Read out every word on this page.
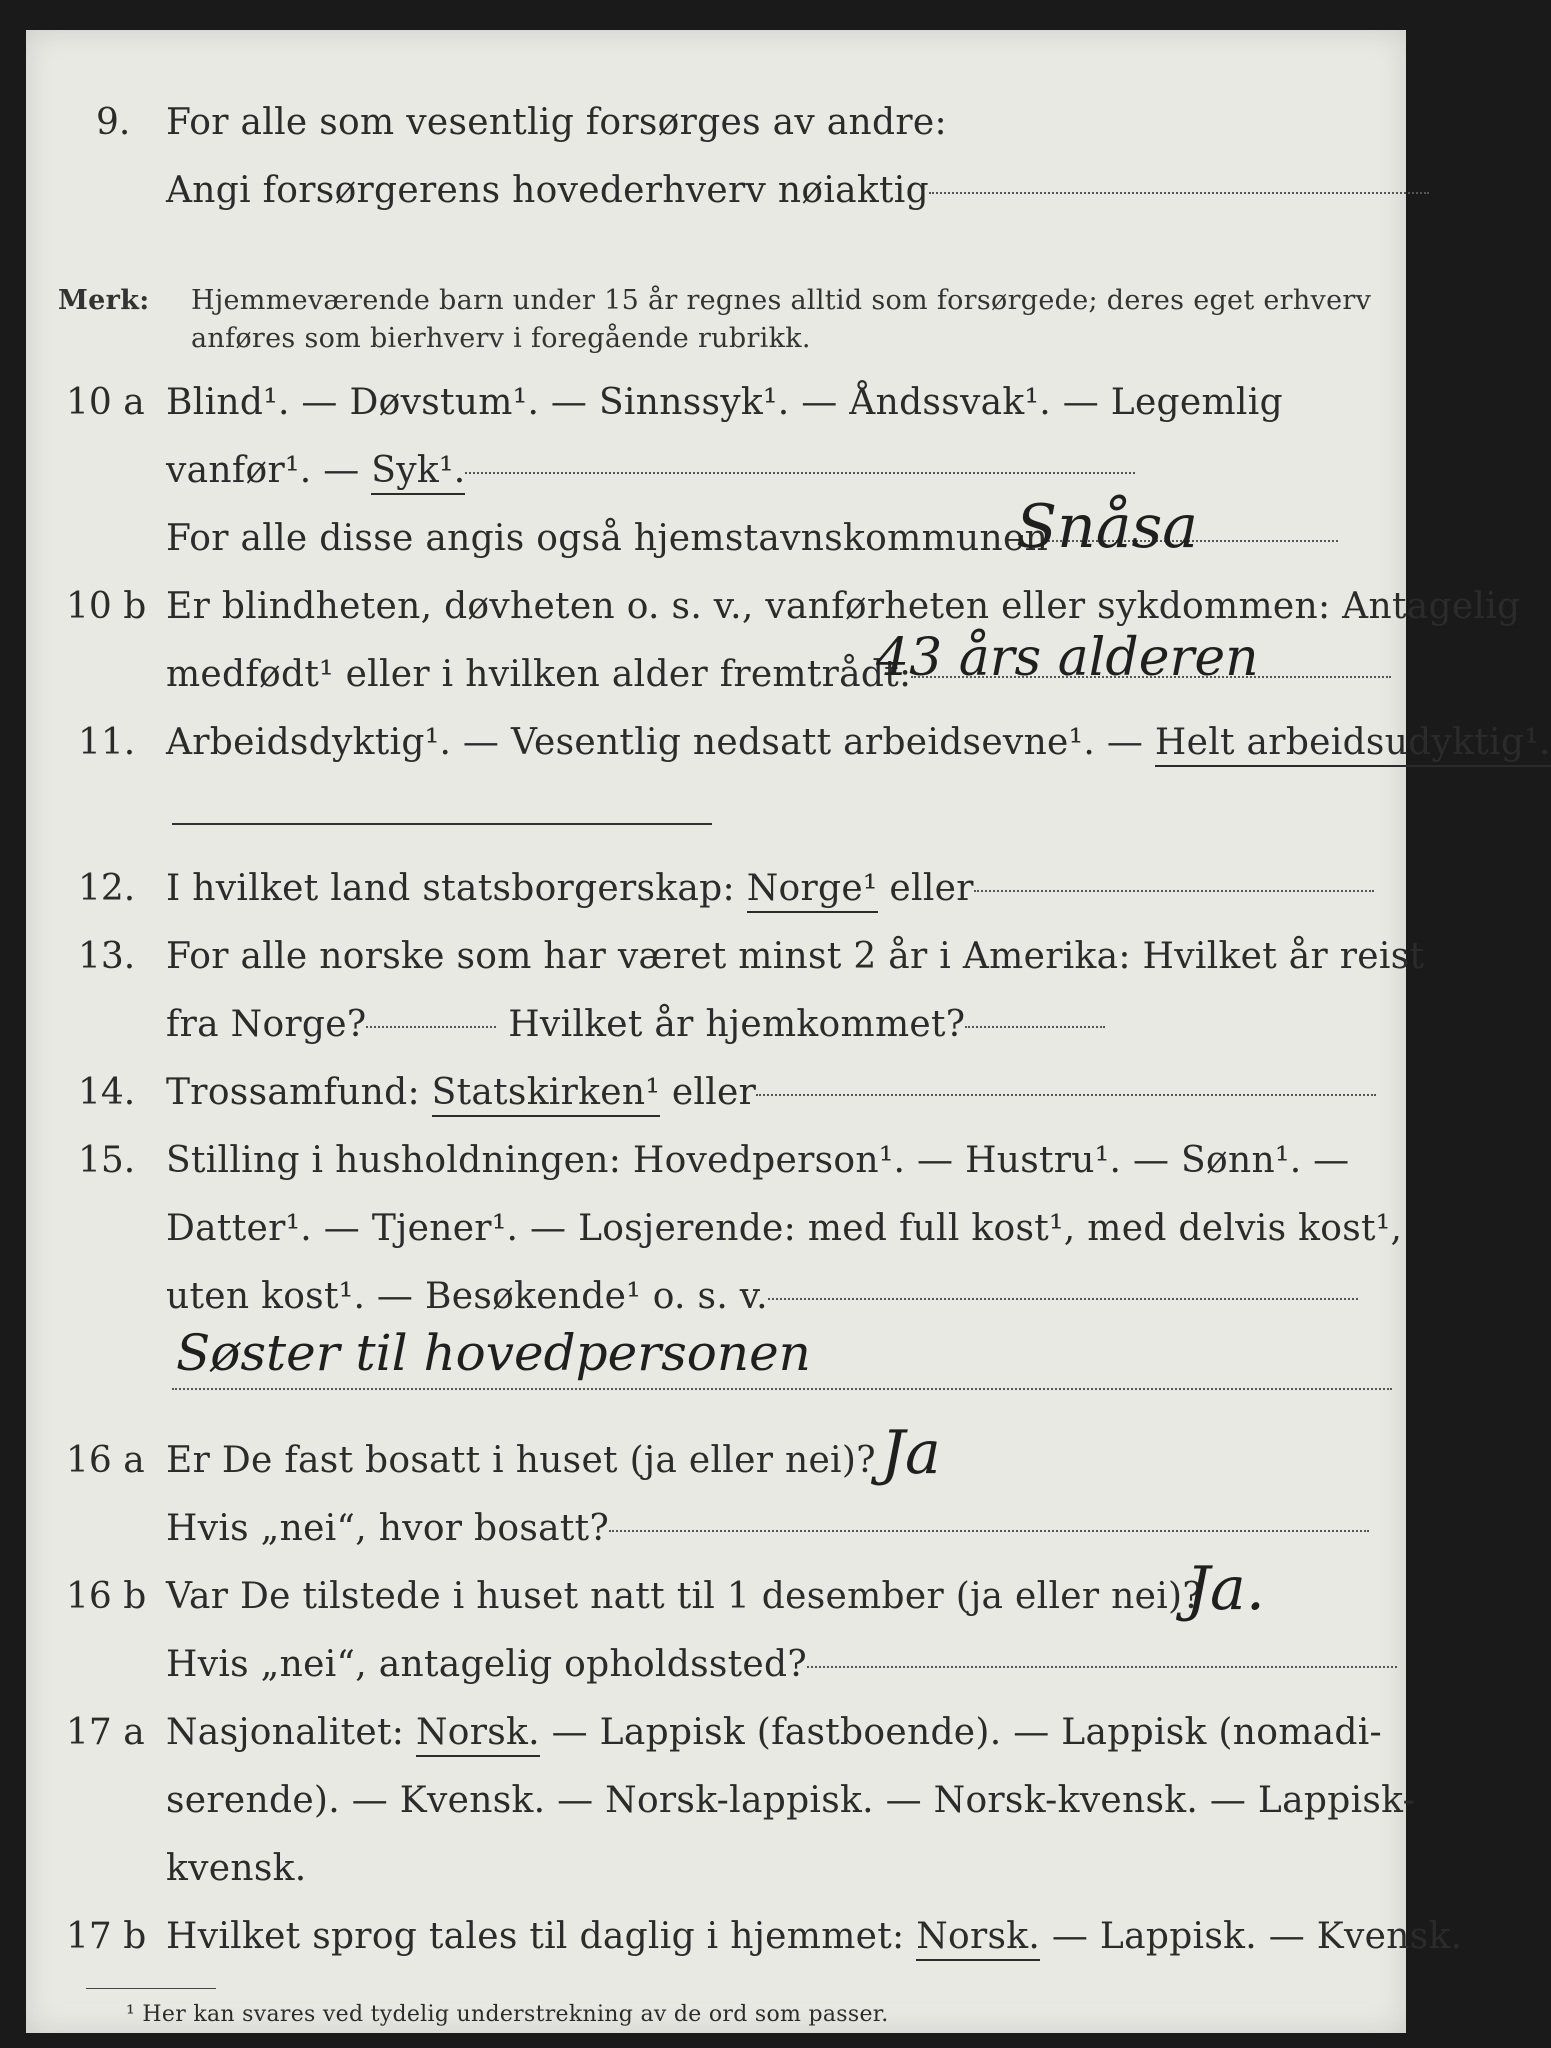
9. For alle som vesentlig forsørges av andre:
Angi forsørgerens hovederhverv nøiaktig
Merk: Hjemmeværende barn under 15 år regnes alltid som forsørgede; deres eget erhverv
anføres som bierhverv i foregående rubrikk.
10 a Blind¹. — Døvstum¹. — Sinnssyk¹. — Åndssvak¹. — Legemlig
vanfør¹. — Syk¹.
For alle disse angis også hjemstavnskommunen
Snåsa
10 b Er blindheten, døvheten o. s. v., vanførheten eller sykdommen: Antagelig
medfødt¹ eller i hvilken alder fremtrådt:
43 års alderen
11. Arbeidsdyktig¹. — Vesentlig nedsatt arbeidsevne¹. — Helt arbeidsudyktig¹.
12. I hvilket land statsborgerskap: Norge¹ eller
13. For alle norske som har været minst 2 år i Amerika: Hvilket år reist
fra Norge?	Hvilket år hjemkommet?
14. Trossamfund: Statskirken¹ eller
15. Stilling i husholdningen: Hovedperson¹. — Hustru¹. — Sønn¹. —
Datter¹. — Tjener¹. — Losjerende: med full kost¹, med delvis kost¹,
uten kost¹. — Besøkende¹ o. s. v.
Søster til hovedpersonen
16 a Er De fast bosatt i huset (ja eller nei)? Ja
Hvis „nei“, hvor bosatt?
16 b Var De tilstede i huset natt til 1 desember (ja eller nei)?
Ja.
Hvis „nei“, antagelig opholdssted?
17 a Nasjonalitet: Norsk. — Lappisk (fastboende). — Lappisk (nomadi-
serende). — Kvensk. — Norsk-lappisk. — Norsk-kvensk. — Lappisk-
kvensk.
17 b Hvilket sprog tales til daglig i hjemmet: Norsk. — Lappisk. — Kvensk.
¹ Her kan svares ved tydelig understrekning av de ord som passer.
